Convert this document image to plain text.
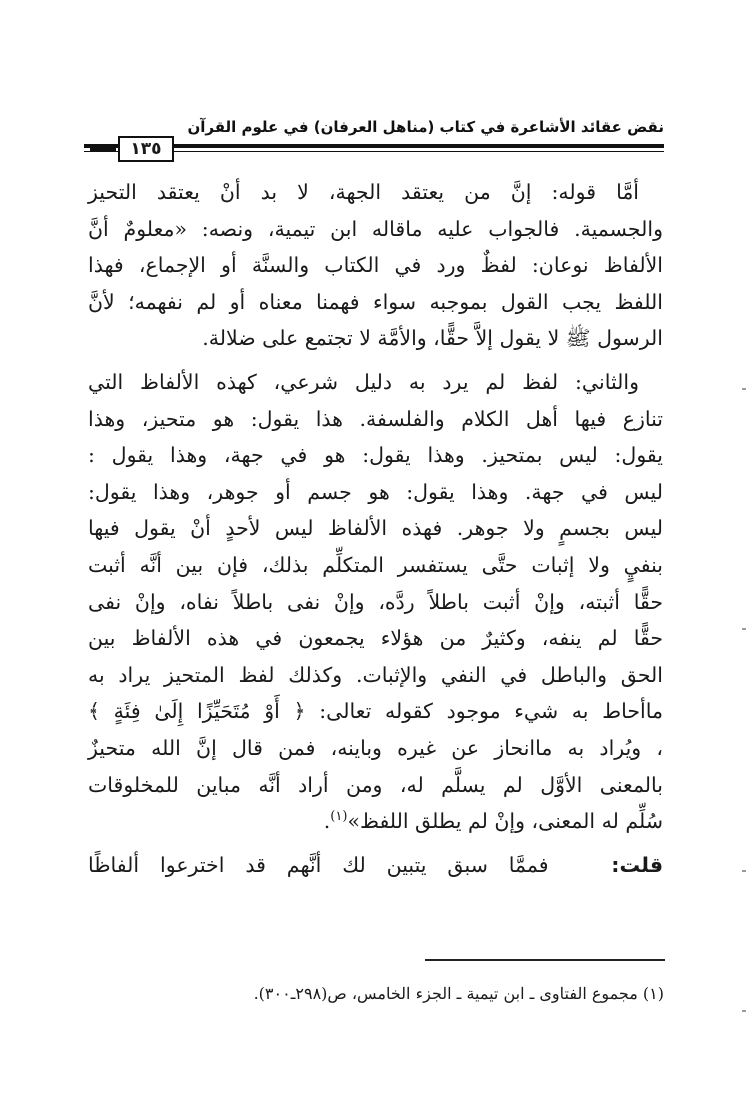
نقض عقائد الأشاعرة في كتاب (مناهل العرفان) في علوم القرآن
١٣٥
أمَّا قوله: إنَّ من يعتقد الجهة، لا بد أنْ يعتقد التحيز
والجسمية. فالجواب عليه ماقاله ابن تيمية، ونصه: «معلومٌ أنَّ
الألفاظ نوعان: لفظٌ ورد في الكتاب والسنَّة أو الإجماع، فهذا
اللفظ يجب القول بموجبه سواء فهمنا معناه أو لم نفهمه؛ لأنَّ
الرسول ﷺ لا يقول إلاَّ حقًّا، والأمَّة لا تجتمع على ضلالة.
والثاني: لفظ لم يرد به دليل شرعي، كهذه الألفاظ التي
تنازع فيها أهل الكلام والفلسفة. هذا يقول: هو متحيز، وهذا
يقول: ليس بمتحيز. وهذا يقول: هو في جهة، وهذا يقول :
ليس في جهة. وهذا يقول: هو جسم أو جوهر، وهذا يقول:
ليس بجسمٍ ولا جوهر. فهذه الألفاظ ليس لأحدٍ أنْ يقول فيها
بنفيٍ ولا إثبات حتَّى يستفسر المتكلِّم بذلك، فإن بين أنَّه أثبت
حقًّا أثبته، وإنْ أثبت باطلاً ردَّه، وإنْ نفى باطلاً نفاه، وإنْ نفى
حقًّا لم ينفه، وكثيرٌ من هؤلاء يجمعون في هذه الألفاظ بين
الحق والباطل في النفي والإثبات. وكذلك لفظ المتحيز يراد به
ماأحاط به شيء موجود كقوله تعالى: ﴿ أَوْ مُتَحَيِّزًا إِلَىٰ فِئَةٍ ﴾
، ويُراد به ماانحاز عن غيره وباينه، فمن قال إنَّ الله متحيزٌ
بالمعنى الأوَّل لم يسلَّم له، ومن أراد أنَّه مباين للمخلوقات
سُلِّم له المعنى، وإنْ لم يطلق اللفظ»$^{(١)}$.
قلت:   فممَّا سبق يتبين لك أنَّهم قد اخترعوا ألفاظًا
(١) مجموع الفتاوى ـ ابن تيمية ـ الجزء الخامس، ص(٢٩٨ـ٣٠٠).
